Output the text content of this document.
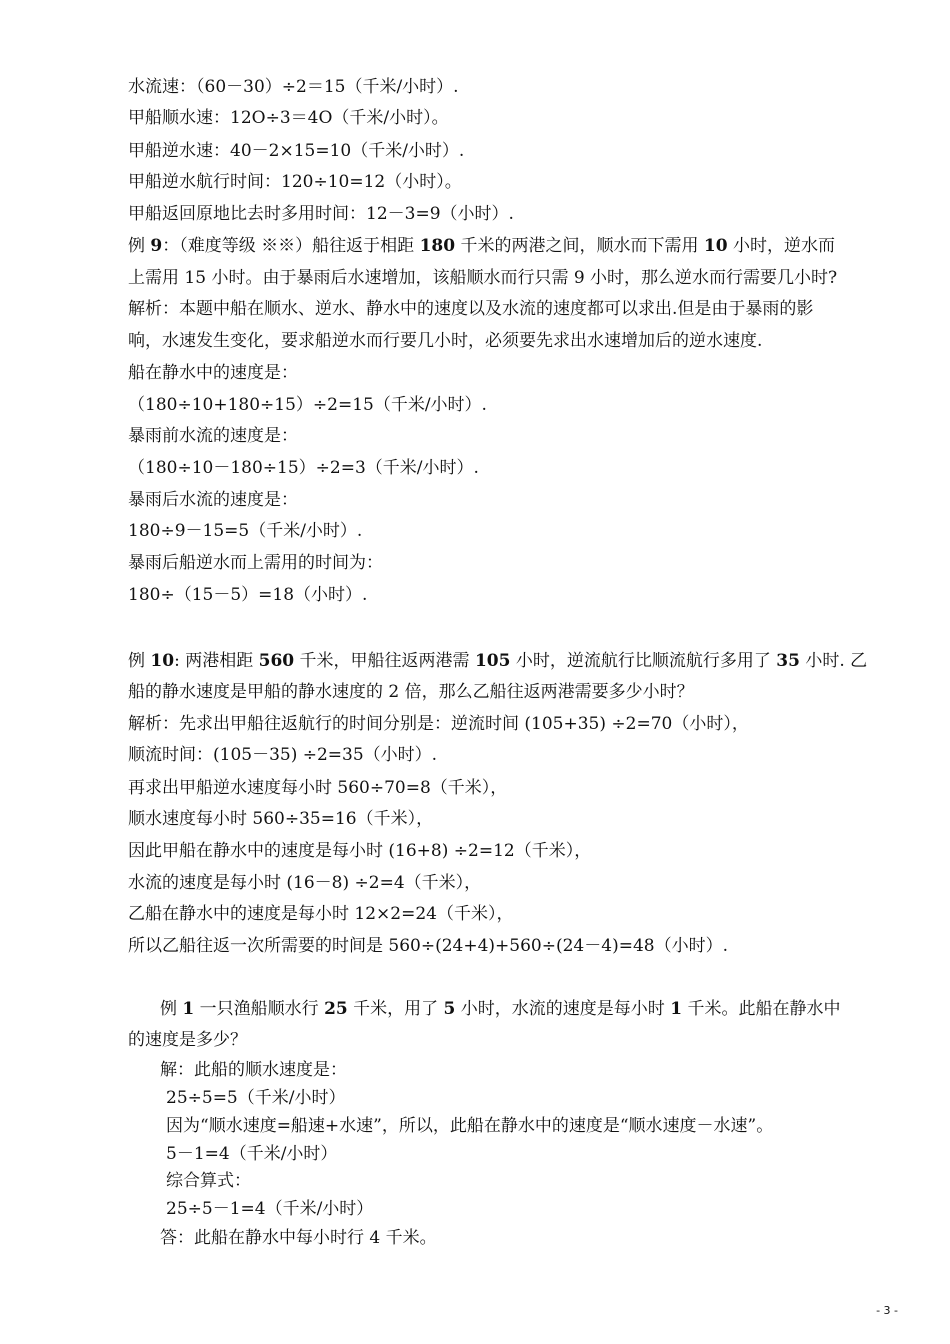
水流速：（60－30）÷2＝15（千米/小时）.
甲船顺水速：12O÷3＝4O（千米/小时）。
甲船逆水速：40－2×15=10（千米/小时）.
甲船逆水航行时间：120÷10=12（小时）。
甲船返回原地比去时多用时间：12－3=9（小时）.
例 9：（难度等级 ※※）船往返于相距 180 千米的两港之间，顺水而下需用 10 小时，逆水而
上需用 15 小时。由于暴雨后水速增加，该船顺水而行只需 9 小时，那么逆水而行需要几小时?
解析：本题中船在顺水、逆水、静水中的速度以及水流的速度都可以求出.但是由于暴雨的影
响，水速发生变化，要求船逆水而行要几小时，必须要先求出水速增加后的逆水速度.
船在静水中的速度是：
（180÷10+180÷15）÷2=15（千米/小时）.
暴雨前水流的速度是：
（180÷10－180÷15）÷2=3（千米/小时）.
暴雨后水流的速度是：
180÷9－15=5（千米/小时）.
暴雨后船逆水而上需用的时间为：
180÷（15－5）=18（小时）.
例 10: 两港相距 560 千米，甲船往返两港需 105 小时，逆流航行比顺流航行多用了 35 小时. 乙
船的静水速度是甲船的静水速度的 2 倍，那么乙船往返两港需要多少小时？
解析：先求出甲船往返航行的时间分别是：逆流时间 (105+35) ÷2=70（小时），
顺流时间：(105－35) ÷2=35（小时）.
再求出甲船逆水速度每小时 560÷70=8（千米），
顺水速度每小时 560÷35=16（千米），
因此甲船在静水中的速度是每小时 (16+8) ÷2=12（千米），
水流的速度是每小时 (16－8) ÷2=4（千米），
乙船在静水中的速度是每小时 12×2=24（千米），
所以乙船往返一次所需要的时间是 560÷(24+4)+560÷(24－4)=48（小时）.
例 1 一只渔船顺水行 25 千米，用了 5 小时，水流的速度是每小时 1 千米。此船在静水中
的速度是多少？
解：此船的顺水速度是：
25÷5=5（千米/小时）
因为“顺水速度=船速+水速”，所以，此船在静水中的速度是“顺水速度－水速”。
5－1=4（千米/小时）
综合算式：
25÷5－1=4（千米/小时）
答：此船在静水中每小时行 4 千米。
- 3 -
